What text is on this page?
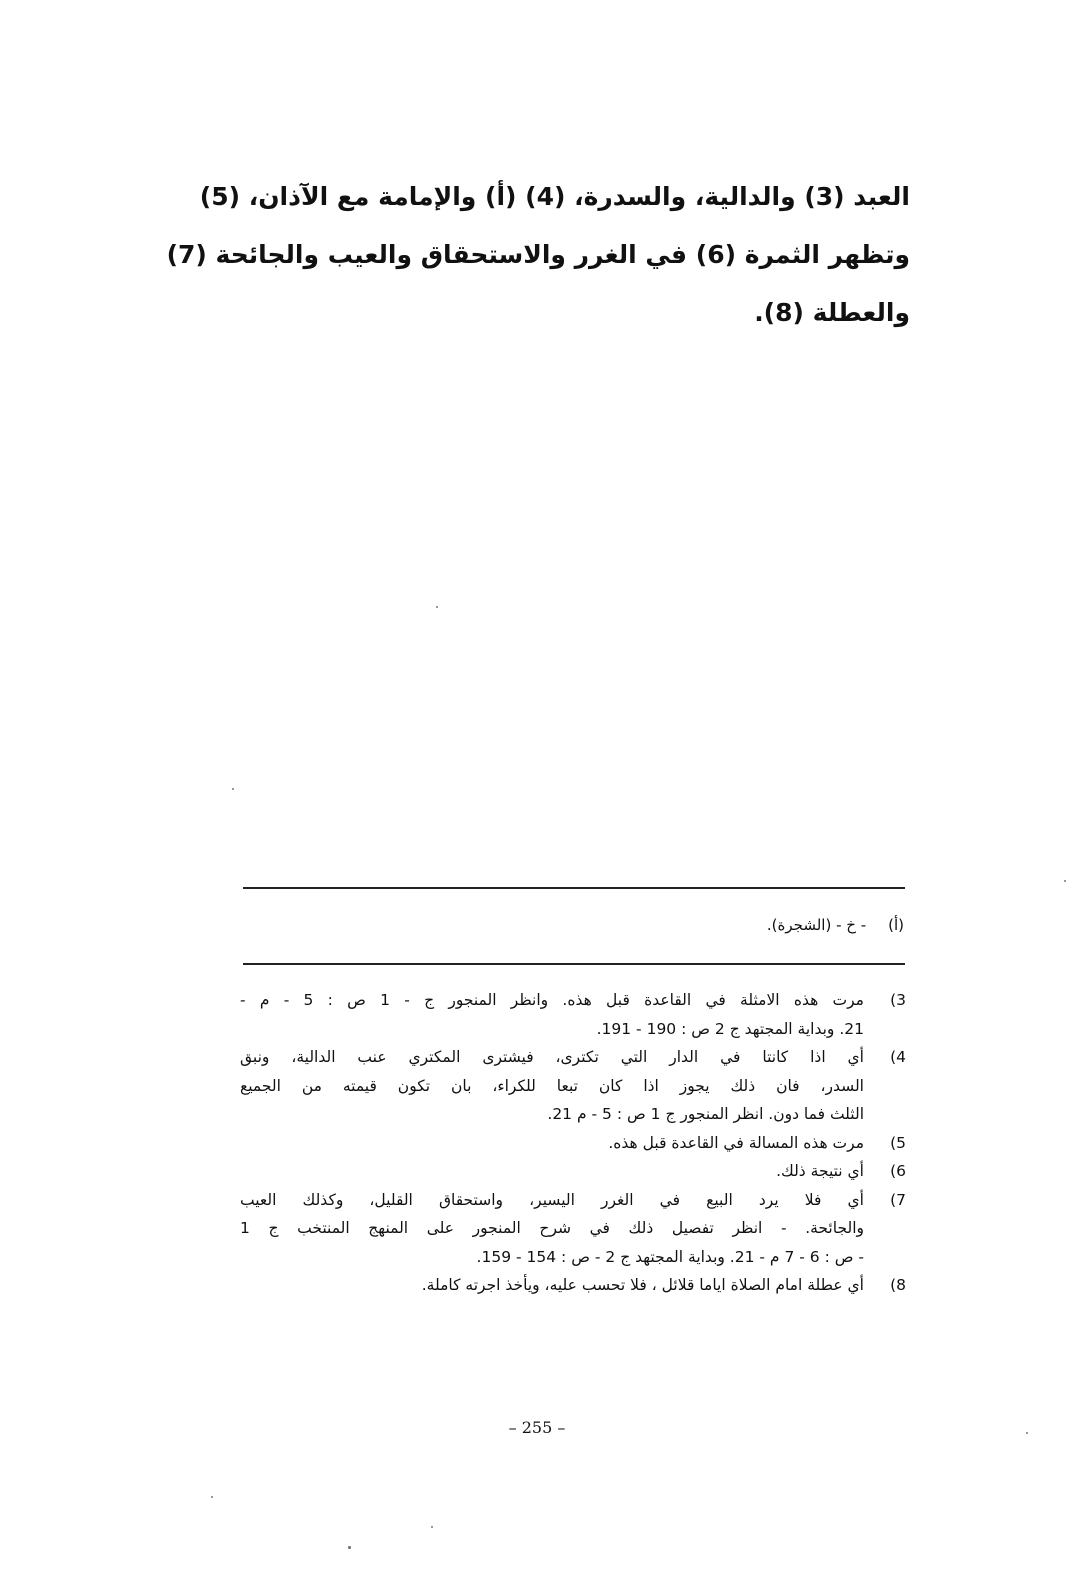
العبد (3) والدالية، والسدرة، (4) (أ) والإمامة مع الآذان، (5)
وتظهر الثمرة (6) في الغرر والاستحقاق والعيب والجائحة (7)
والعطلة (8).
(أ)- خ - (الشجرة).
(3
مرت هذه الامثلة في القاعدة قبل هذه. وانظر المنجور ج - 1 ص : 5 - م -
21. وبداية المجتهد ج 2 ص : 190 - 191.
(4
أي اذا كانتا في الدار التي تكترى، فيشترى المكتري عنب الدالية، ونبق
السدر، فان ذلك يجوز اذا كان تبعا للكراء، بان تكون قيمته من الجميع
الثلث فما دون. انظر المنجور ج 1 ص : 5 - م 21.
(5
مرت هذه المسالة في القاعدة قبل هذه.
(6
أي نتيجة ذلك.
(7
أي فلا يرد البيع في الغرر اليسير، واستحقاق القليل، وكذلك العيب
والجائحة. - انظر تفصيل ذلك في شرح المنجور على المنهج المنتخب ج 1
- ص : 6 - 7 م - 21. وبداية المجتهد ج 2 - ص : 154 - 159.
(8
أي عطلة امام الصلاة اياما قلائل ، فلا تحسب عليه، ويأخذ اجرته كاملة.
– 255 –
